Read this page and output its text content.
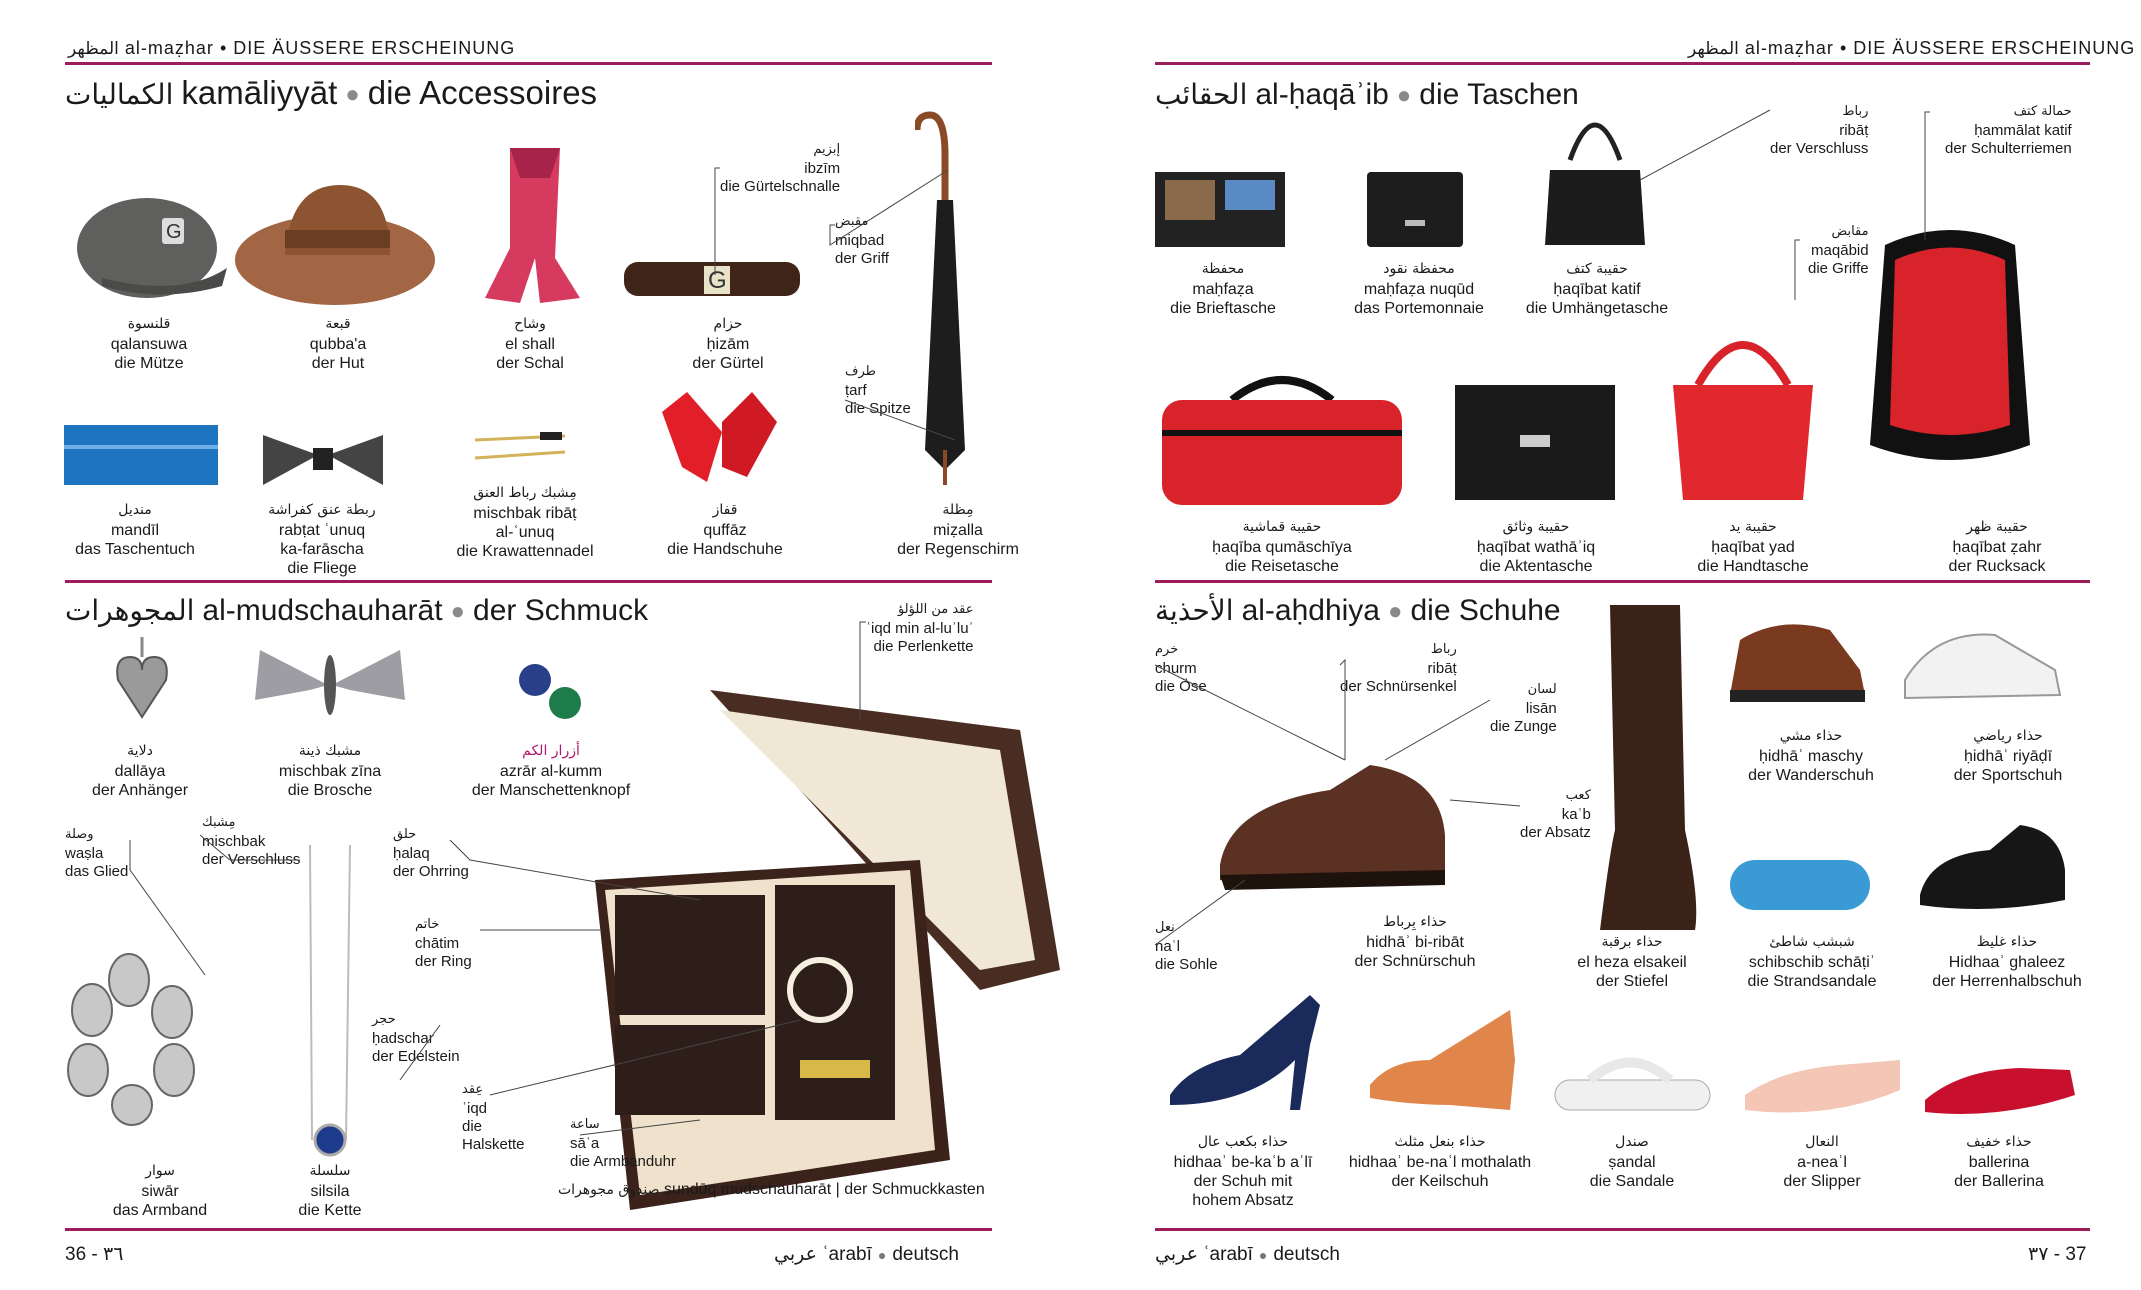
المظهر al-maẓhar • DIE ÄUSSERE ERSCHEINUNG
الكماليات kamāliyyāt ● die Accessoires
G
G
قلنسوة
qalansuwa
die Mütze
قبعة
qubba'a
der Hut
وشاح
el shall
der Schal
حزام
ḥizām
der Gürtel
منديل
mandīl
das Taschentuch
ربطة عنق كفراشة
rabṭat ʿunuq
ka-farāscha
die Fliege
مِشبك رباط العنق
mischbak ribāṭ
al-ʿunuq
die Krawattennadel
قفاز
quffāz
die Handschuhe
مِظلة
miẓalla
der Regenschirm
إبزيم
ibzīm
die Gürtelschnalle
مقبض
miqbad
der Griff
طرف
ṭarf
die Spitze
المجوهرات al-mudschauharāt ● der Schmuck
دلاية
dallāya
der Anhänger
مشبك ذينة
mischbak zīna
die Brosche
أزرار الكم
azrār al-kumm
der Manschettenknopf
سوار
siwār
das Armband
سلسلة
silsila
die Kette
وصلة
waṣla
das Glied
مِشبك
mischbak
der Verschluss
حلق
ḥalaq
der Ohrring
خاتم
chātim
der Ring
حجر
ḥadschar
der Edelstein
عِقد
ʿiqd
die
Halskette
ساعة
sāʿa
die Armbanduhr
عقد من اللؤلؤ
ʿiqd min al-luʾluʾ
die Perlenkette
صندوق مجوهرات ṣundūq mudschauharāt | der Schmuckkasten
36 - ٣٦	عربي ʿarabī ● deutsch
المظهر al-maẓhar • DIE ÄUSSERE ERSCHEINUNG
الحقائب al-ḥaqāʾib ● die Taschen
محفظة
maḥfaẓa
die Brieftasche
محفظة نقود
maḥfaẓa nuqūd
das Portemonnaie
حقيبة كتف
ḥaqībat katif
die Umhängetasche
رباط
ribāṭ
der Verschluss
حمالة كتف
ḥammālat katif
der Schulterriemen
مقابض
maqābid
die Griffe
حقيبة قماشية
ḥaqība qumāschīya
die Reisetasche
حقيبة وثائق
ḥaqībat wathāʾiq
die Aktentasche
حقيبة يد
ḥaqībat yad
die Handtasche
حقيبة ظهر
ḥaqībat ẓahr
der Rucksack
الأحذية al-aḥdhiya ● die Schuhe
خرم
churm
die Öse
رباط
ribāṭ
der Schnürsenkel	لسان
lisān
die Zunge
كعب
kaʿb
der Absatz
نعل
naʿl
die Sohle
حذاء بِرباط
hidhāʾ bi-ribāt
der Schnürschuh
حذاء برقبة
el heza elsakeil
der Stiefel
حذاء مشي
ḥidhāʾ maschy
der Wanderschuh
حذاء رياضي
ḥidhāʾ riyāḍī
der Sportschuh
شبشب شاطئ
schibschib schāṭiʾ
die Strandsandale
حذاء غليظ
Hidhaaʾ ghaleez
der Herrenhalbschuh
حذاء بكعب عال
hidhaaʾ be-kaʿb aʿlī
der Schuh mit
hohem Absatz
حذاء بنعل مثلث
hidhaaʾ be-naʿl mothalath
der Keilschuh
صندل
ṣandal
die Sandale
النعال
a-neaʾl
der Slipper
حذاء خفيف
ballerina
der Ballerina
عربي ʿarabī ● deutsch	٣٧ - 37
